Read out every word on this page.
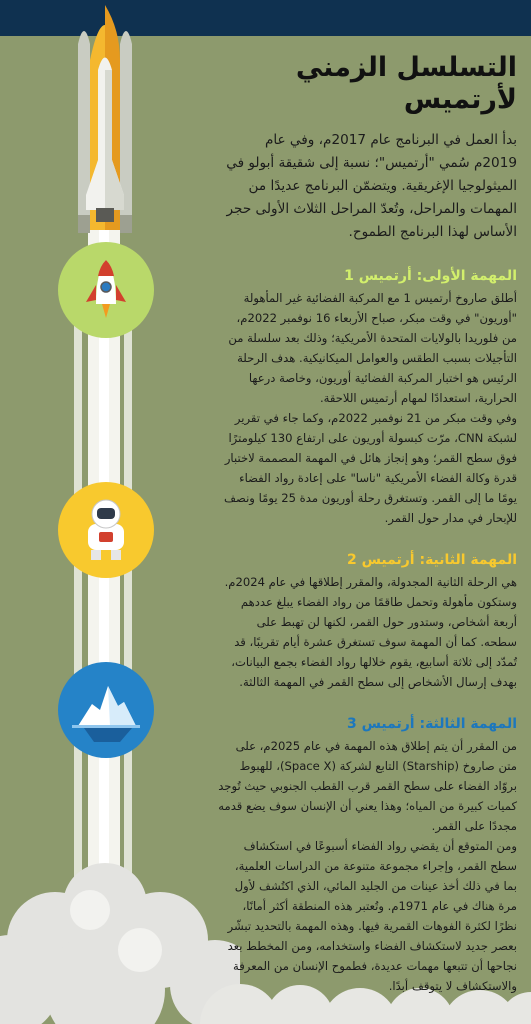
التسلسل الزمني لأرتميس

بدأ العمل في البرنامج عام 2017م، وفي عام 2019م سُمي "أرتميس"؛ نسبة إلى شقيقة أبولو في الميثولوجيا الإغريقية. ويتضمّن البرنامج عديدًا من المهمات والمراحل، وتُعدّ المراحل الثلاث الأولى حجر الأساس لهذا البرنامج الطموح.

المهمة الأولى: أرتميس 1

أطلق صاروخ أرتميس 1 مع المركبة الفضائية غير المأهولة "أوريون" في وقت مبكر، صباح الأربعاء 16 نوفمبر 2022م، من فلوريدا بالولايات المتحدة الأمريكية؛ وذلك بعد سلسلة من التأجيلات بسبب الطقس والعوامل الميكانيكية. هدف الرحلة الرئيس هو اختبار المركبة الفضائية أوريون، وخاصة درعها الحرارية، استعدادًا لمهام أرتميس اللاحقة.

وفي وقت مبكر من 21 نوفمبر 2022م، وكما جاء في تقرير لشبكة CNN، مرّت كبسولة أوريون على ارتفاع 130 كيلومترًا فوق سطح القمر؛ وهو إنجاز هائل في المهمة المصممة لاختبار قدرة وكالة الفضاء الأمريكية "ناسا" على إعادة رواد الفضاء يومًا ما إلى القمر. وتستغرق رحلة أوريون مدة 25 يومًا ونصف للإبحار في مدار حول القمر.

المهمة الثانية: أرتميس 2

هي الرحلة الثانية المجدولة، والمقرر إطلاقها في عام 2024م. وستكون مأهولة وتحمل طاقمًا من رواد الفضاء يبلغ عددهم أربعة أشخاص، وستدور حول القمر، لكنها لن تهبط على سطحه. كما أن المهمة سوف تستغرق عشرة أيام تقريبًا، قد تُمدّد إلى ثلاثة أسابيع، يقوم خلالها رواد الفضاء بجمع البيانات، بهدف إرسال الأشخاص إلى سطح القمر في المهمة الثالثة.

المهمة الثالثة: أرتميس 3

من المقرر أن يتم إطلاق هذه المهمة في عام 2025م، على متن صاروخ (Starship) التابع لشركة (Space X)، للهبوط بروّاد الفضاء على سطح القمر قرب القطب الجنوبي حيث تُوجد كميات كبيرة من المياه؛ وهذا يعني أن الإنسان سوف يضع قدمه مجددًا على القمر.

ومن المتوقع أن يقضي رواد الفضاء أسبوعًا في استكشاف سطح القمر، وإجراء مجموعة متنوعة من الدراسات العلمية، بما في ذلك أخذ عينات من الجليد المائي، الذي اكتُشف لأول مرة هناك في عام 1971م. وتُعتبر هذه المنطقة أكثر أمانًا، نظرًا لكثرة الفوهات القمرية فيها. وهذه المهمة بالتحديد تبشّر بعصر جديد لاستكشاف الفضاء واستخدامه، ومن المخطط بعد نجاحها أن تتبعها مهمات عديدة، فطموح الإنسان من المعرفة والاستكشاف لا يتوقف أبدًا.
